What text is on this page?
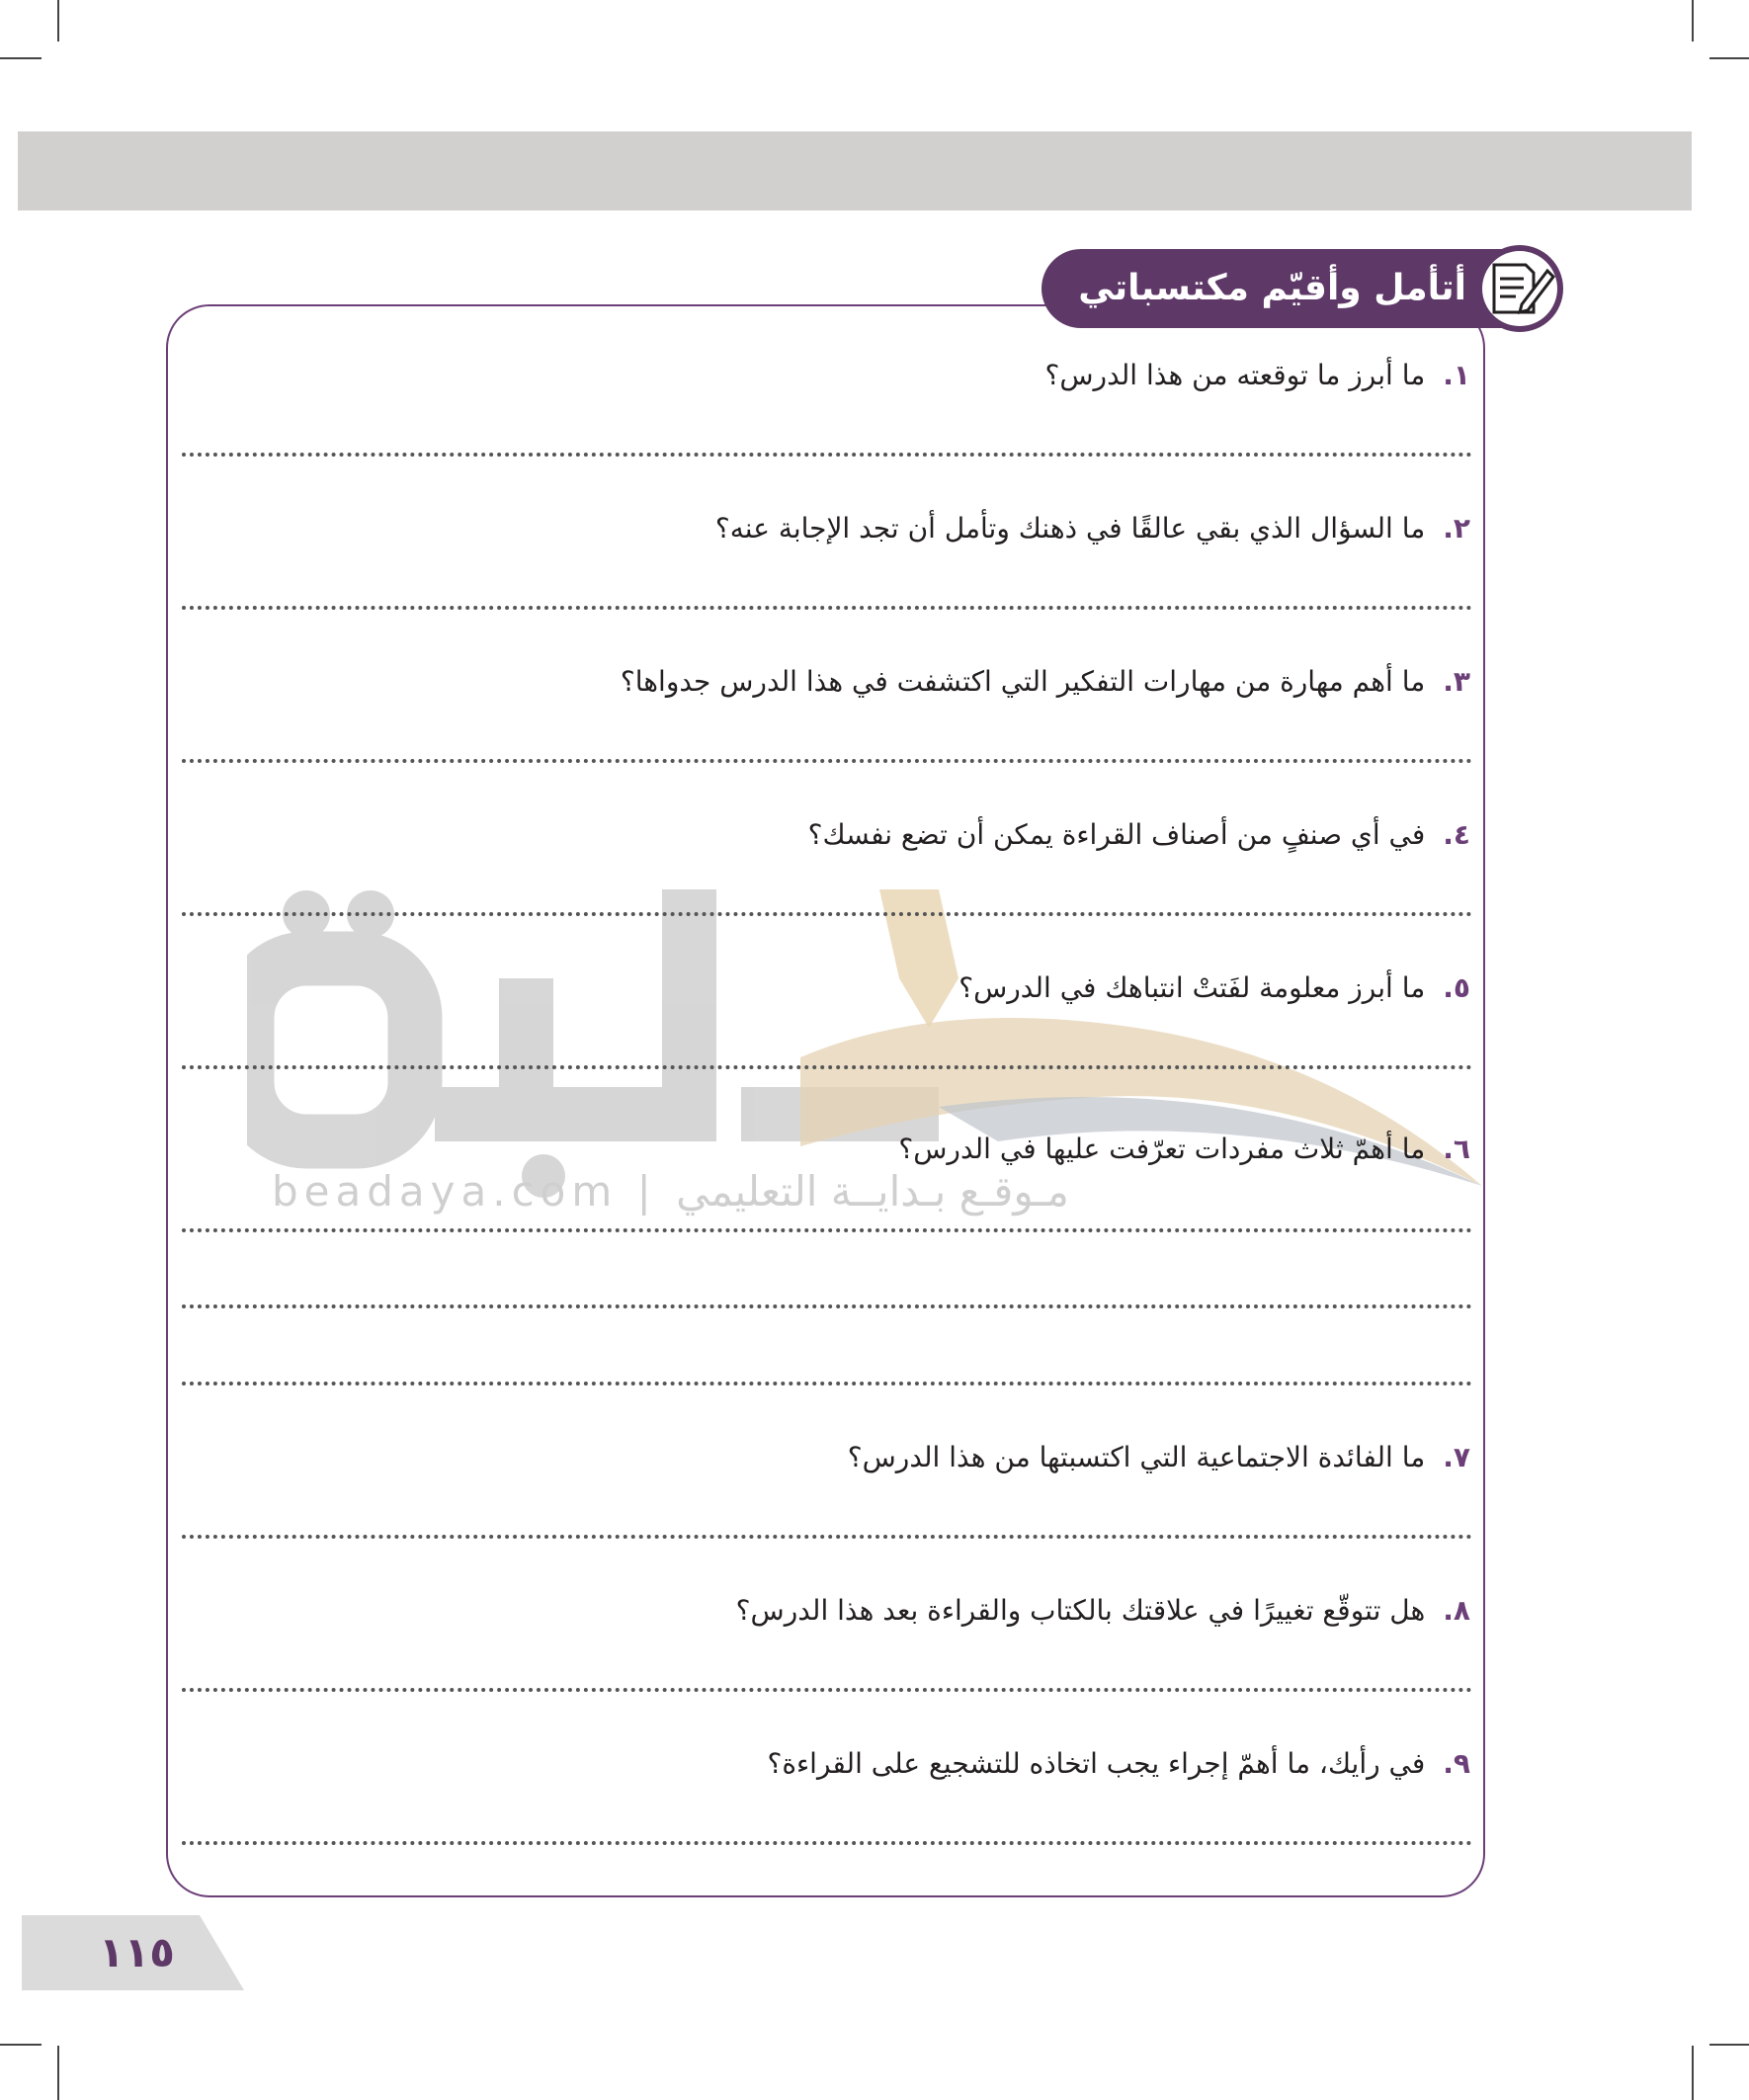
beadaya.com | مـوقـع بـدايــة التعليمي
أتأمل وأقيّم مكتسباتي
١.ما أبرز ما توقعته من هذا الدرس؟
٢.ما السؤال الذي بقي عالقًا في ذهنك وتأمل أن تجد الإجابة عنه؟
٣.ما أهم مهارة من مهارات التفكير التي اكتشفت في هذا الدرس جدواها؟
٤.في أي صنفٍ من أصناف القراءة يمكن أن تضع نفسك؟
٥.ما أبرز معلومة لفَتتْ انتباهك في الدرس؟
٦.ما أهمّ ثلاث مفردات تعرّفت عليها في الدرس؟
٧.ما الفائدة الاجتماعية التي اكتسبتها من هذا الدرس؟
٨.هل تتوقّع تغييرًا في علاقتك بالكتاب والقراءة بعد هذا الدرس؟
٩.في رأيك، ما أهمّ إجراء يجب اتخاذه للتشجيع على القراءة؟
١١٥
